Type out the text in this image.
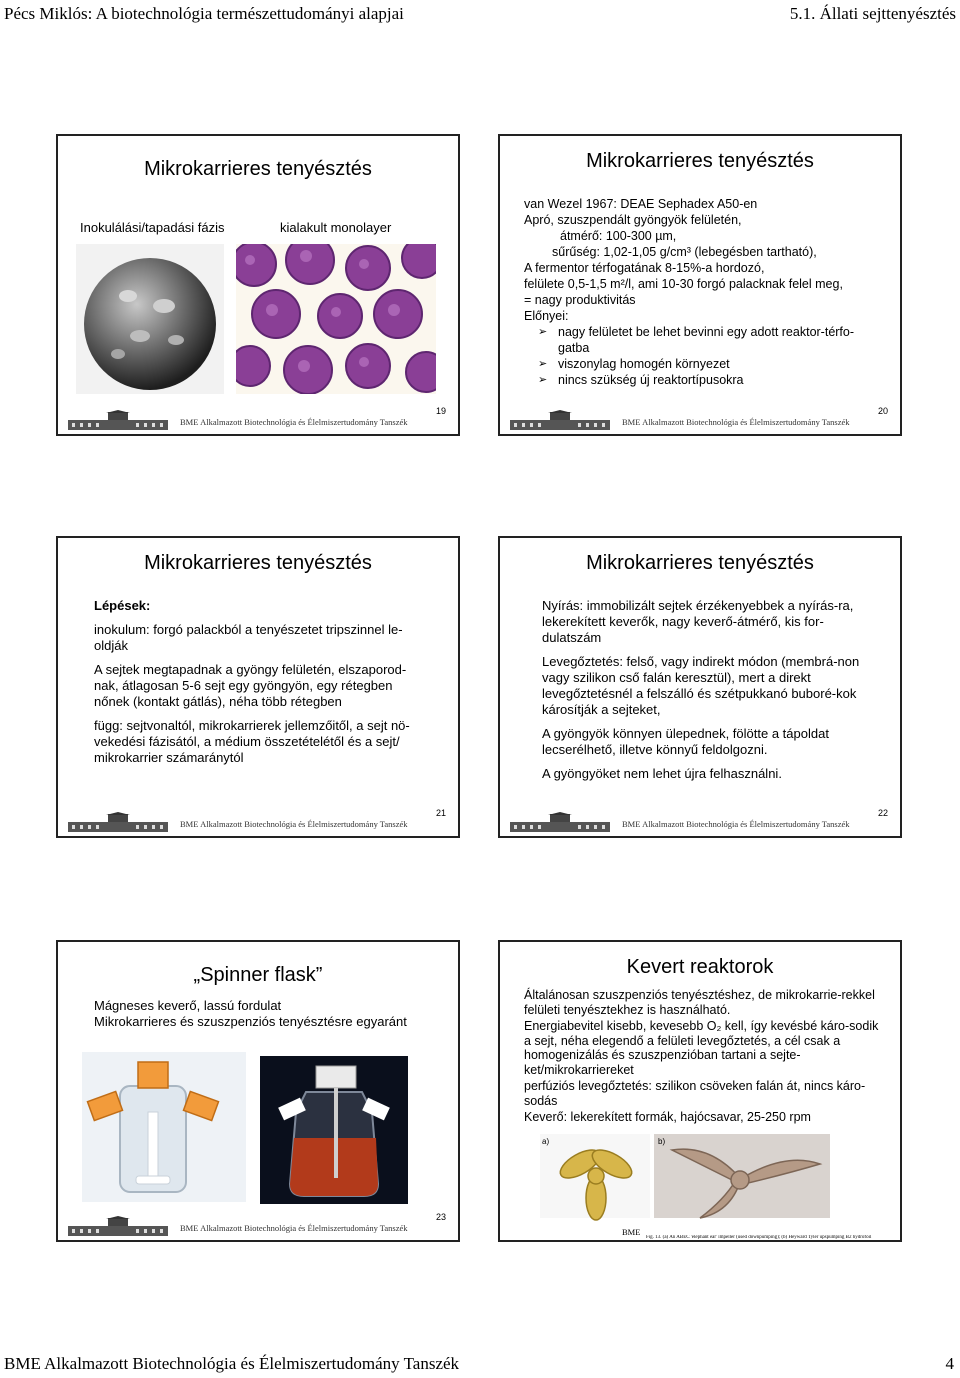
Pécs Miklós: A biotechnológia természettudományi alapjai	5.1. Állati sejttenyésztés
Mikrokarrieres tenyésztés
Inokulálási/tapadási fázis	kialakult monolayer
BME Alkalmazott Biotechnológia és Élelmiszertudomány Tanszék
19
Mikrokarrieres tenyésztés

van Wezel 1967: DEAE Sephadex A50-en

Apró, szuszpendált gyöngyök felületén,

átmérő: 100-300 µm,

sűrűség: 1,02-1,05 g/cm³ (lebegésben tartható),

A fermentor térfogatának 8-15%-a hordozó,

felülete 0,5-1,5 m²/l, ami 10-30 forgó palacknak felel meg,

= nagy produktivitás

Előnyei:

➢ nagy felületet be lehet bevinni egy adott reaktor-térfo-gatba
➢ viszonylag homogén környezet
➢ nincs szükség új reaktortípusokra
BME Alkalmazott Biotechnológia és Élelmiszertudomány Tanszék
20
Mikrokarrieres tenyésztés

Lépések:

inokulum: forgó palackból a tenyészetet tripszinnel le-oldják

A sejtek megtapadnak a gyöngy felületén, elszaporod-nak, átlagosan 5-6 sejt egy gyöngyön, egy rétegben nőnek (kontakt gátlás), néha több rétegben

függ: sejtvonaltól, mikrokarrierek jellemzőitől, a sejt nö-vekedési fázisától, a médium összetételétől és a sejt/ mikrokarrier számaránytól

BME Alkalmazott Biotechnológia és Élelmiszertudomány Tanszék
21
Mikrokarrieres tenyésztés

Nyírás: immobilizált sejtek érzékenyebbek a nyírás-ra, lekerekített keverők, nagy keverő-átmérő, kis for-dulatszám

Levegőztetés: felső, vagy indirekt módon (membrá-non vagy szilikon cső falán keresztül), mert a direkt levegőztetésnél a felszálló és szétpukkanó buboré-kok károsítják a sejteket,

A gyöngyök könnyen ülepednek, fölötte a tápoldat lecserélhető, illetve könnyű feldolgozni.

A gyöngyöket nem lehet újra felhasználni.

BME Alkalmazott Biotechnológia és Élelmiszertudomány Tanszék
22
„Spinner flask”

Mágneses keverő, lassú fordulat

Mikrokarrieres és szuszpenziós tenyésztésre egyaránt

BME Alkalmazott Biotechnológia és Élelmiszertudomány Tanszék
23
Kevert reaktorok

Általánosan szuszpenziós tenyésztéshez, de mikrokarrie-rekkel felületi tenyésztekhez is használható.

Energiabevitel kisebb, kevesebb O₂ kell, így kevésbé káro-sodik a sejt, néha elegendő a felületi levegőztetés, a cél csak a homogenizálás és szuszpenzióban tartani a sejte-ket/mikrokarriereket

perfúziós levegőztetés: szilikon csöveken falán át, nincs káro-sodás

Keverő: lekerekített formák, hajócsavar, 25-250 rpm

a)	b)
Fig. 13. (a) An ABEC 'elephant ear' impeller (used downpumping); (b) Heyward Tyler upspumping B2 hydrofoil
BME
BME Alkalmazott Biotechnológia és Élelmiszertudomány Tanszék	4
